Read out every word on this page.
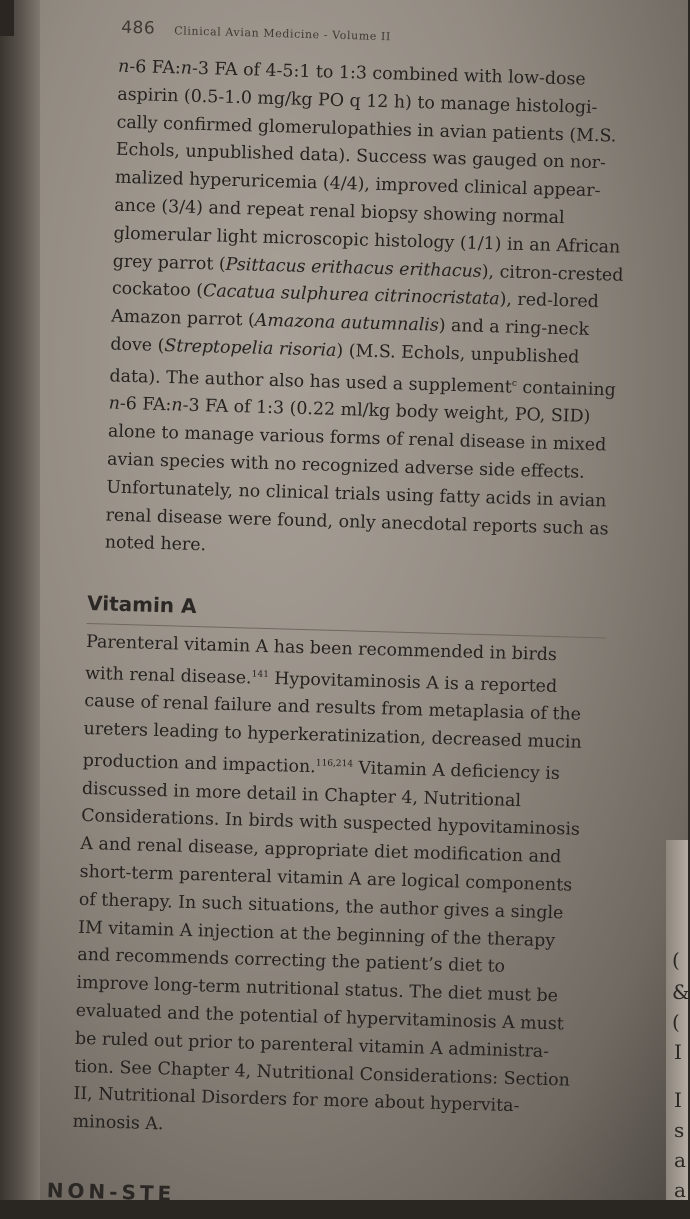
(
&
(
I
I
s
a
a
486 Clinical Avian Medicine - Volume II
n-6 FA:n-3 FA of 4-5:1 to 1:3 combined with low-dose
aspirin (0.5-1.0 mg/kg PO q 12 h) to manage histologi-
cally confirmed glomerulopathies in avian patients (M.S.
Echols, unpublished data). Success was gauged on nor-
malized hyperuricemia (4/4), improved clinical appear-
ance (3/4) and repeat renal biopsy showing normal
glomerular light microscopic histology (1/1) in an African
grey parrot (Psittacus erithacus erithacus), citron-crested
cockatoo (Cacatua sulphurea citrinocristata), red-lored
Amazon parrot (Amazona autumnalis) and a ring-neck
dove (Streptopelia risoria) (M.S. Echols, unpublished
data). The author also has used a supplement$^c$ containing
n-6 FA:n-3 FA of 1:3 (0.22 ml/kg body weight, PO, SID)
alone to manage various forms of renal disease in mixed
avian species with no recognized adverse side effects.
Unfortunately, no clinical trials using fatty acids in avian
renal disease were found, only anecdotal reports such as
noted here.
Vitamin A
Parenteral vitamin A has been recommended in birds
with renal disease.$^{141}$ Hypovitaminosis A is a reported
cause of renal failure and results from metaplasia of the
ureters leading to hyperkeratinization, decreased mucin
production and impaction.$^{116,214}$ Vitamin A deficiency is
discussed in more detail in Chapter 4, Nutritional
Considerations. In birds with suspected hypovitaminosis
A and renal disease, appropriate diet modification and
short-term parenteral vitamin A are logical components
of therapy. In such situations, the author gives a single
IM vitamin A injection at the beginning of the therapy
and recommends correcting the patient’s diet to
improve long-term nutritional status. The diet must be
evaluated and the potential of hypervitaminosis A must
be ruled out prior to parenteral vitamin A administra-
tion. See Chapter 4, Nutritional Considerations: Section
II, Nutritional Disorders for more about hypervita-
minosis A.
NON-STE
